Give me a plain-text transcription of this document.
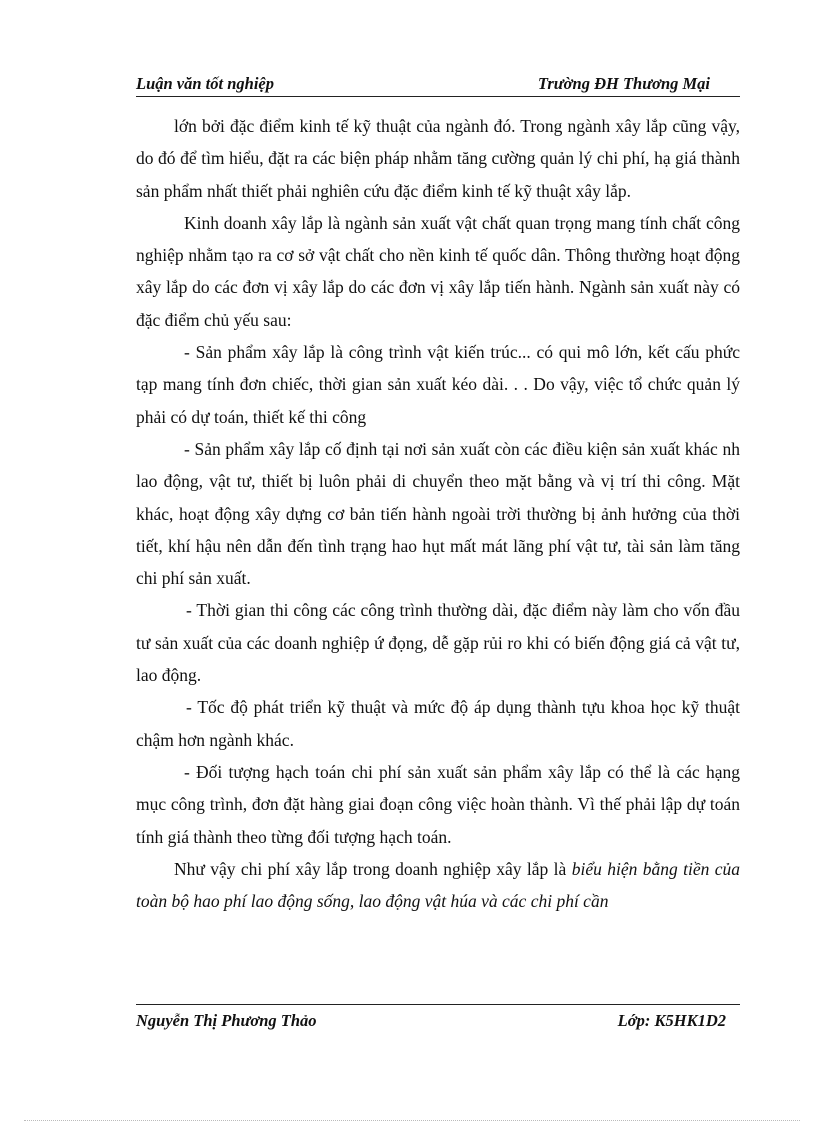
Luận văn tốt nghiệp	Trường ĐH Thương Mại

lớn bởi đặc điểm kinh tế kỹ thuật của ngành đó. Trong ngành xây lắp cũng vậy, do đó để tìm hiểu, đặt ra các biện pháp nhằm tăng cường quản lý chi phí, hạ giá thành sản phẩm nhất thiết phải nghiên cứu đặc điểm kinh tế kỹ thuật xây lắp.

Kinh doanh xây lắp là ngành sản xuất vật chất quan trọng mang tính chất công nghiệp nhằm tạo ra cơ sở vật chất cho nền kinh tế quốc dân. Thông thường hoạt động xây lắp do các đơn vị xây lắp do các đơn vị xây lắp tiến hành. Ngành sản xuất này có đặc điểm chủ yếu sau:

- Sản phẩm xây lắp là công trình vật kiến trúc... có qui mô lớn, kết cấu phức tạp mang tính đơn chiếc, thời gian sản xuất kéo dài. . . Do vậy, việc tổ chức quản lý phải có dự toán, thiết kế thi công

- Sản phẩm xây lắp cố định tại nơi sản xuất còn các điều kiện sản xuất khác nh lao động, vật tư, thiết bị luôn phải di chuyển theo mặt bằng và vị trí thi công. Mặt khác, hoạt động xây dựng cơ bản tiến hành ngoài trời thường bị ảnh hưởng của thời tiết, khí hậu nên dẫn đến tình trạng hao hụt mất mát lãng phí vật tư, tài sản làm tăng chi phí sản xuất.

- Thời gian thi công các công trình thường dài, đặc điểm này làm cho vốn đầu tư sản xuất của các doanh nghiệp ứ đọng, dễ gặp rủi ro khi có biến động giá cả vật tư, lao động.

- Tốc độ phát triển kỹ thuật và mức độ áp dụng thành tựu khoa học kỹ thuật chậm hơn ngành khác.

- Đối tượng hạch toán chi phí sản xuất sản phẩm xây lắp có thể là các hạng mục công trình, đơn đặt hàng giai đoạn công việc hoàn thành. Vì thế phải lập dự toán tính giá thành theo từng đối tượng hạch toán.

Như vậy chi phí xây lắp trong doanh nghiệp xây lắp là biểu hiện bằng tiền của toàn bộ hao phí lao động sống, lao động vật húa và các chi phí cần

Nguyễn Thị Phương Thảo	Lớp: K5HK1D2
